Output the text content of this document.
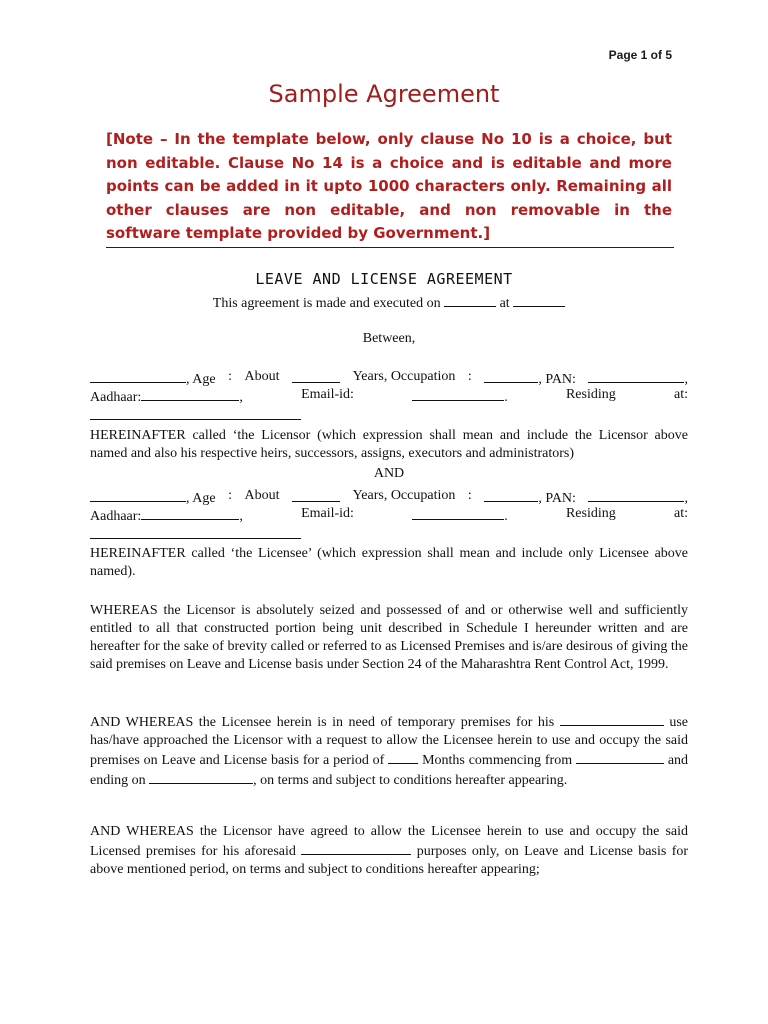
Page 1 of 5
Sample Agreement
[Note – In the template below, only clause No 10 is a choice, but non editable. Clause No 14 is a choice and is editable and more points can be added in it upto 1000 characters only. Remaining all other clauses are non editable, and non removable in the software template provided by Government.]
LEAVE AND LICENSE AGREEMENT
This agreement is made and executed on	at
Between,
, Age : About	Years, Occupation :	, PAN:	,
Aadhaar:	,	Email-id:	.	Residing	at:
HEREINAFTER called ‘the Licensor (which expression shall mean and include the Licensor above named and also his respective heirs, successors, assigns, executors and administrators)
AND
, Age : About	Years, Occupation :	, PAN:	,
Aadhaar:	,	Email-id:	.	Residing	at:
HEREINAFTER called ‘the Licensee’ (which expression shall mean and include only Licensee above named).
WHEREAS the Licensor is absolutely seized and possessed of and or otherwise well and sufficiently entitled to all that constructed portion being unit described in Schedule I hereunder written and are hereafter for the sake of brevity called or referred to as Licensed Premises and is/are desirous of giving the said premises on Leave and License basis under Section 24 of the Maharashtra Rent Control Act, 1999.
AND WHEREAS the Licensee herein is in need of temporary premises for his	use has/have approached the Licensor with a request to allow the Licensee herein to use and occupy the said premises on Leave and License basis for a period of	Months commencing from	and ending on	, on terms and subject to conditions hereafter appearing.
AND WHEREAS the Licensor have agreed to allow the Licensee herein to use and occupy the said Licensed premises for his aforesaid	purposes only, on Leave and License basis for above mentioned period, on terms and subject to conditions hereafter appearing;
